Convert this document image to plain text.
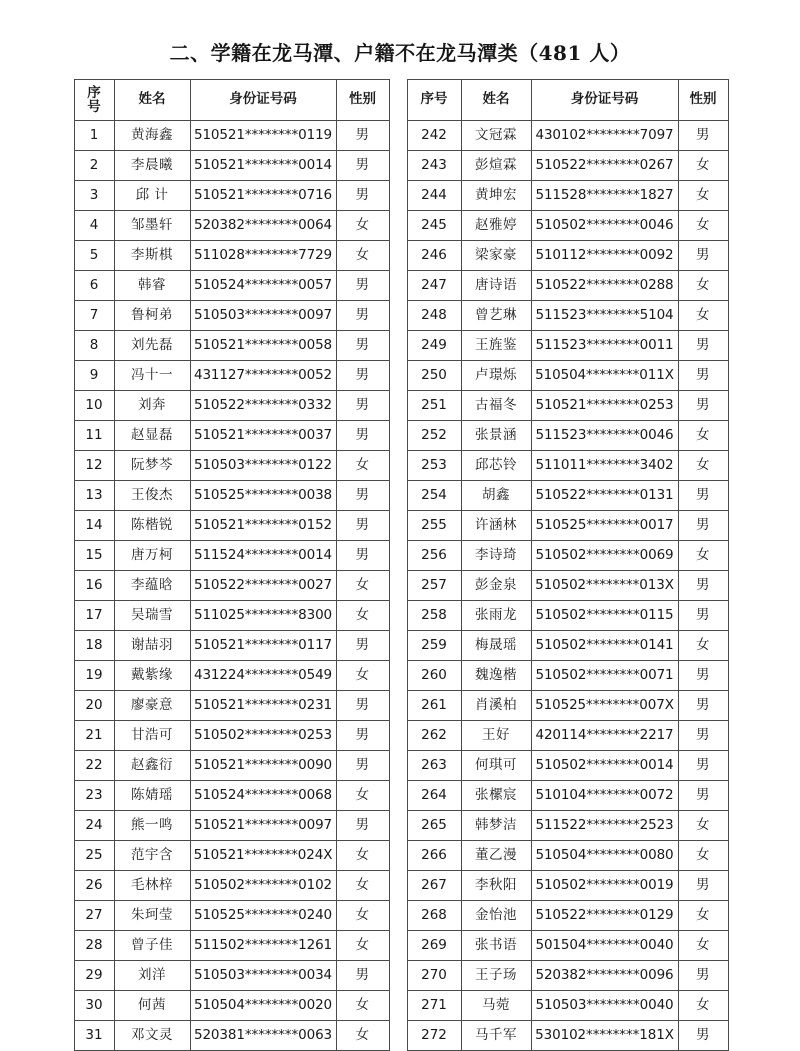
二、学籍在龙马潭、户籍不在龙马潭类（481 人）
序
号	姓名	身份证号码	性别
1	黄海鑫	510521********0119	男
2	李晨曦	510521********0014	男
3	邱 计	510521********0716	男
4	邹墨轩	520382********0064	女
5	李斯棋	511028********7729	女
6	韩睿	510524********0057	男
7	鲁柯弟	510503********0097	男
8	刘先磊	510521********0058	男
9	冯十一	431127********0052	男
10	刘奔	510522********0332	男
11	赵显磊	510521********0037	男
12	阮梦芩	510503********0122	女
13	王俊杰	510525********0038	男
14	陈楷锐	510521********0152	男
15	唐万柯	511524********0014	男
16	李蕴晗	510522********0027	女
17	吴瑞雪	511025********8300	女
18	谢喆羽	510521********0117	男
19	戴紫缘	431224********0549	女
20	廖豪意	510521********0231	男
21	甘浩可	510502********0253	男
22	赵鑫衍	510521********0090	男
23	陈婧瑶	510524********0068	女
24	熊一鸣	510521********0097	男
25	范宇含	510521********024X	女
26	毛林梓	510502********0102	女
27	朱珂莹	510525********0240	女
28	曾子佳	511502********1261	女
29	刘洋	510503********0034	男
30	何茜	510504********0020	女
31	邓文灵	520381********0063	女
序号	姓名	身份证号码	性别
242	文冠霖	430102********7097	男
243	彭煊霖	510522********0267	女
244	黄坤宏	511528********1827	女
245	赵雅婷	510502********0046	女
246	梁家豪	510112********0092	男
247	唐诗语	510522********0288	女
248	曾艺琳	511523********5104	女
249	王旌鉴	511523********0011	男
250	卢璟烁	510504********011X	男
251	古福冬	510521********0253	男
252	张景涵	511523********0046	女
253	邱芯铃	511011********3402	女
254	胡鑫	510522********0131	男
255	许涵林	510525********0017	男
256	李诗琦	510502********0069	女
257	彭金泉	510502********013X	男
258	张雨龙	510502********0115	男
259	梅晟瑶	510502********0141	女
260	魏逸楷	510502********0071	男
261	肖溪柏	510525********007X	男
262	王好	420114********2217	男
263	何琪可	510502********0014	男
264	张樏宸	510104********0072	男
265	韩梦洁	511522********2523	女
266	董乙漫	510504********0080	女
267	李秋阳	510502********0019	男
268	金怡池	510522********0129	女
269	张书语	501504********0040	女
270	王子玚	520382********0096	男
271	马菀	510503********0040	女
272	马千军	530102********181X	男
